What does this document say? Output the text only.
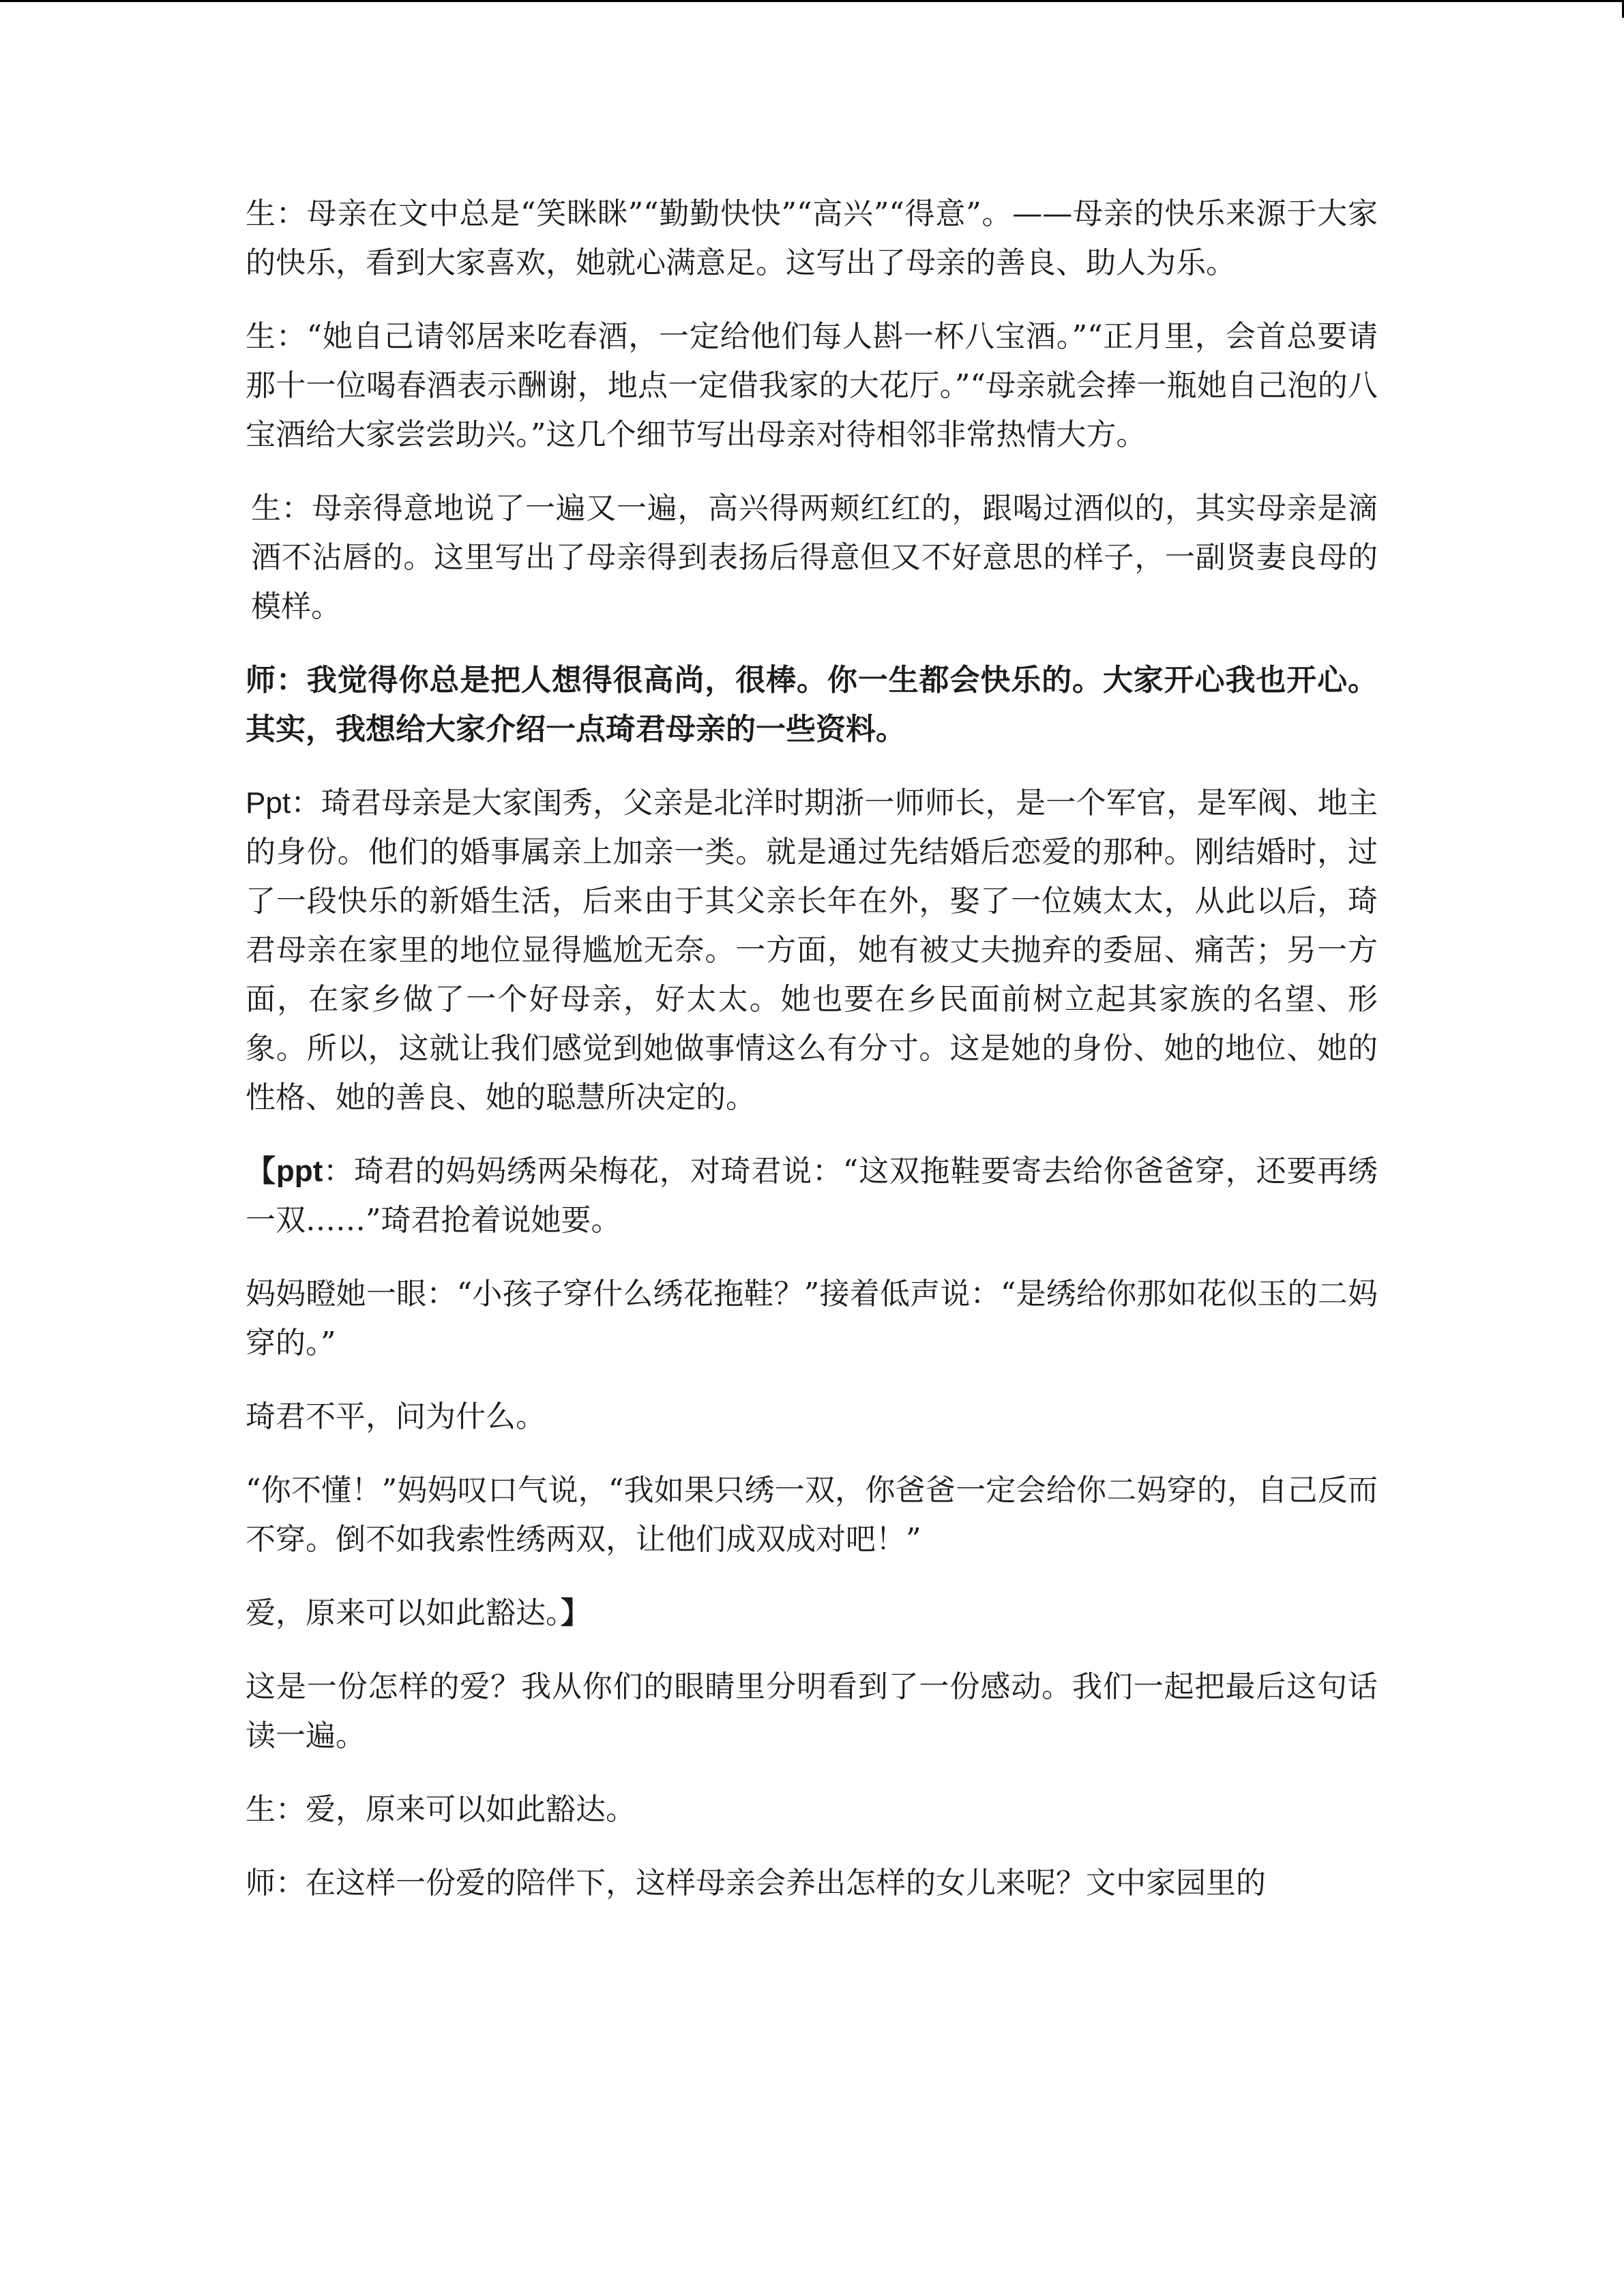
生：母亲在文中总是“笑眯眯”“勤勤快快”“高兴”“得意”。——母亲的快乐来源于大家的快乐，看到大家喜欢，她就心满意足。这写出了母亲的善良、助人为乐。

生：“她自己请邻居来吃春酒，一定给他们每人斟一杯八宝酒。”“正月里，会首总要请那十一位喝春酒表示酬谢，地点一定借我家的大花厅。”“母亲就会捧一瓶她自己泡的八宝酒给大家尝尝助兴。”这几个细节写出母亲对待相邻非常热情大方。

生：母亲得意地说了一遍又一遍，高兴得两颊红红的，跟喝过酒似的，其实母亲是滴酒不沾唇的。这里写出了母亲得到表扬后得意但又不好意思的样子，一副贤妻良母的模样。

师：我觉得你总是把人想得很高尚，很棒。你一生都会快乐的。大家开心我也开心。其实，我想给大家介绍一点琦君母亲的一些资料。

Ppt：琦君母亲是大家闺秀，父亲是北洋时期浙一师师长，是一个军官，是军阀、地主的身份。他们的婚事属亲上加亲一类。就是通过先结婚后恋爱的那种。刚结婚时，过了一段快乐的新婚生活，后来由于其父亲长年在外，娶了一位姨太太，从此以后，琦君母亲在家里的地位显得尴尬无奈。一方面，她有被丈夫抛弃的委屈、痛苦；另一方面，在家乡做了一个好母亲，好太太。她也要在乡民面前树立起其家族的名望、形象。所以，这就让我们感觉到她做事情这么有分寸。这是她的身份、她的地位、她的性格、她的善良、她的聪慧所决定的。

【ppt：琦君的妈妈绣两朵梅花，对琦君说：“这双拖鞋要寄去给你爸爸穿，还要再绣一双……”琦君抢着说她要。

妈妈瞪她一眼：“小孩子穿什么绣花拖鞋？”接着低声说：“是绣给你那如花似玉的二妈穿的。”

琦君不平，问为什么。

“你不懂！”妈妈叹口气说，“我如果只绣一双，你爸爸一定会给你二妈穿的，自己反而不穿。倒不如我索性绣两双，让他们成双成对吧！”

爱，原来可以如此豁达。】

这是一份怎样的爱？我从你们的眼睛里分明看到了一份感动。我们一起把最后这句话读一遍。

生：爱，原来可以如此豁达。

师：在这样一份爱的陪伴下，这样母亲会养出怎样的女儿来呢？文中家园里的
